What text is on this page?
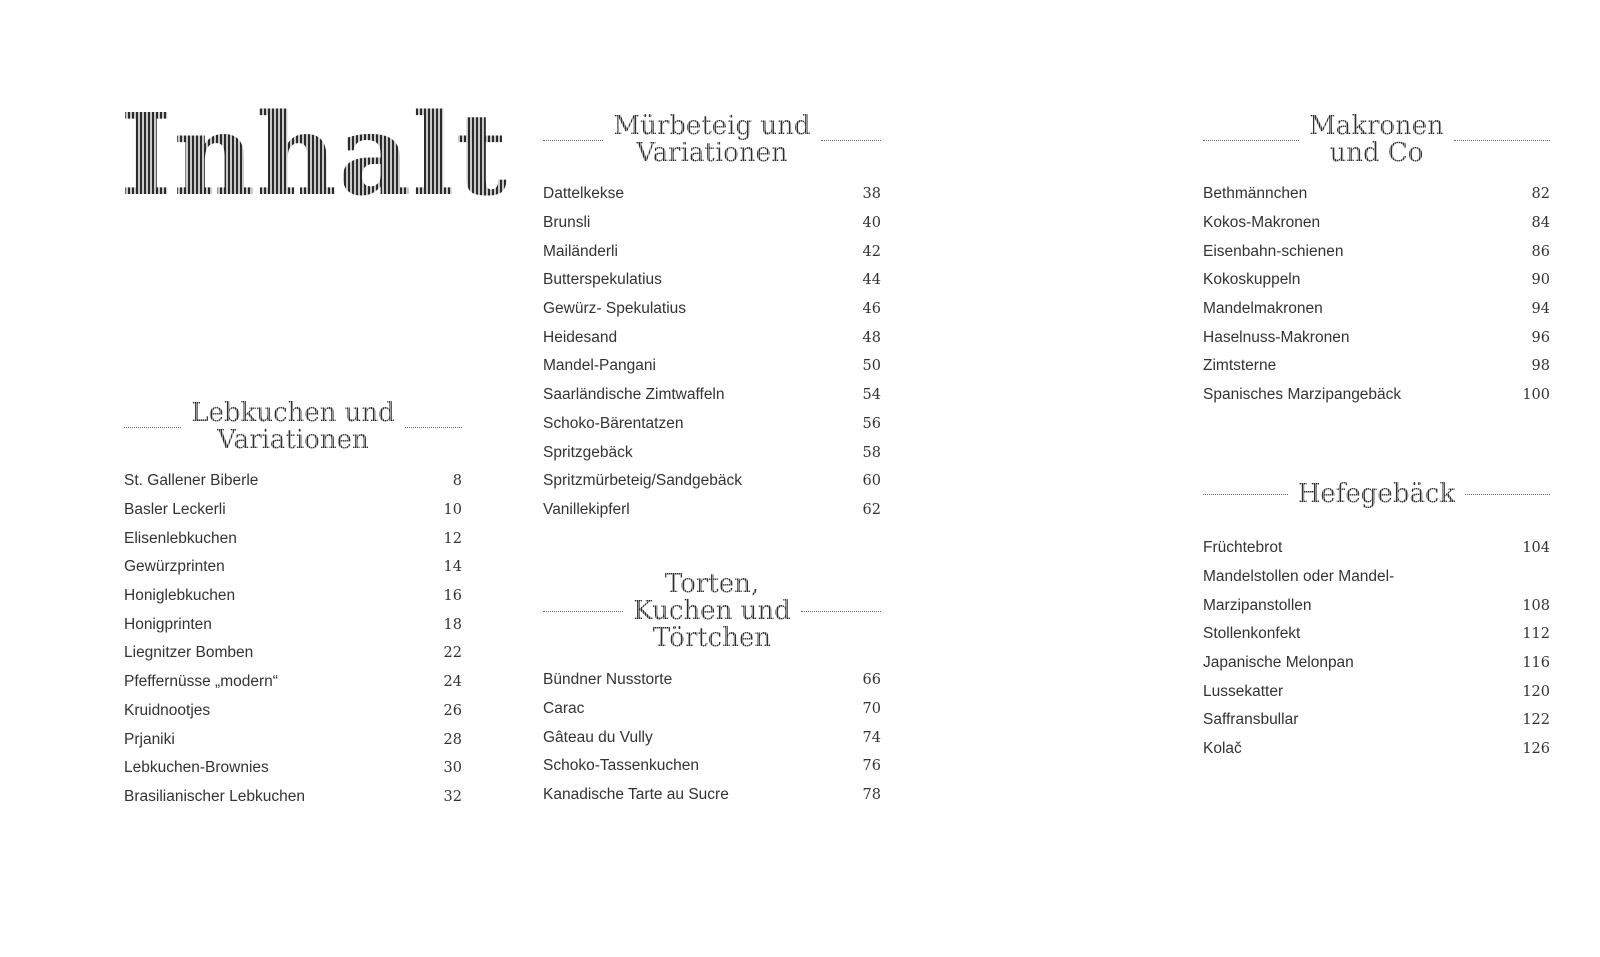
Inhalt
Lebkuchen und
Variationen
St. Gallener Biberle	8
Basler Leckerli	10
Elisenlebkuchen	12
Gewürzprinten	14
Honiglebkuchen	16
Honigprinten	18
Liegnitzer Bomben	22
Pfeffernüsse „modern“	24
Kruidnootjes	26
Prjaniki	28
Lebkuchen-Brownies	30
Brasilianischer Lebkuchen	32
Mürbeteig und
Variationen
Dattelkekse	38
Brunsli	40
Mailänderli	42
Butterspekulatius	44
Gewürz- Spekulatius	46
Heidesand	48
Mandel-Pangani	50
Saarländische Zimtwaffeln	54
Schoko-Bärentatzen	56
Spritzgebäck	58
Spritzmürbeteig/Sandgebäck	60
Vanillekipferl	62
Torten,
Kuchen und
Törtchen
Bündner Nusstorte	66
Carac	70
Gâteau du Vully	74
Schoko-Tassenkuchen	76
Kanadische Tarte au Sucre	78
Makronen
und Co
Bethmännchen	82
Kokos-Makronen	84
Eisenbahn-schienen	86
Kokoskuppeln	90
Mandelmakronen	94
Haselnuss-Makronen	96
Zimtsterne	98
Spanisches Marzipangebäck	100
Hefegebäck
Früchtebrot	104
Mandelstollen oder Mandel-
Marzipanstollen	108
Stollenkonfekt	112
Japanische Melonpan	116
Lussekatter	120
Saffransbullar	122
Kolač	126
